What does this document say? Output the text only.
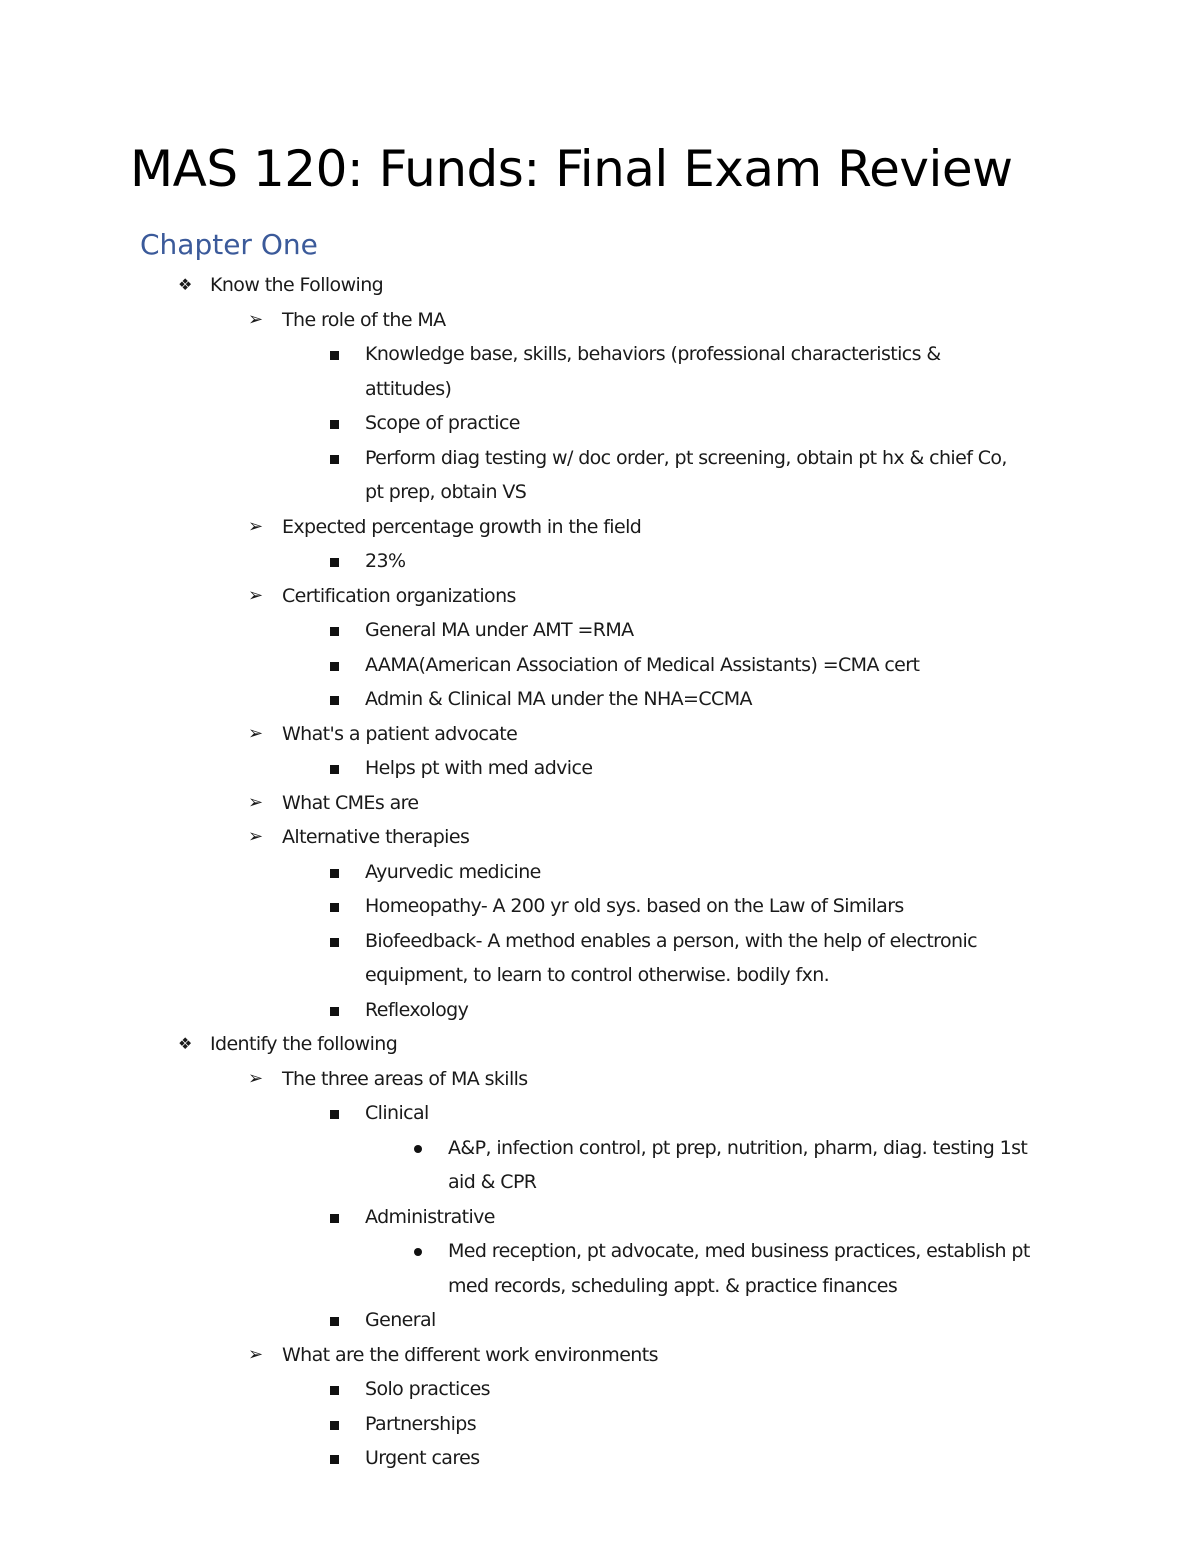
MAS 120: Funds: Final Exam Review
Chapter One
❖ Know the Following
➢	The role of the MA
Knowledge base, skills, behaviors (professional characteristics & attitudes)
Scope of practice
Perform diag testing w/ doc order, pt screening, obtain pt hx & chief Co, pt prep, obtain VS
➢	Expected percentage growth in the field
23%
➢	Certification organizations
General MA under AMT =RMA
AAMA(American Association of Medical Assistants) =CMA cert
Admin & Clinical MA under the NHA=CCMA
➢	What's a patient advocate
Helps pt with med advice
➢	What CMEs are
➢	Alternative therapies
Ayurvedic medicine
Homeopathy- A 200 yr old sys. based on the Law of Similars
Biofeedback- A method enables a person, with the help of electronic equipment, to learn to control otherwise. bodily fxn.
Reflexology
❖ Identify the following
➢	The three areas of MA skills
Clinical
A&P, infection control, pt prep, nutrition, pharm, diag. testing 1st aid & CPR
Administrative
Med reception, pt advocate, med business practices, establish pt med records, scheduling appt. & practice finances
General
➢	What are the different work environments
Solo practices
Partnerships
Urgent cares
